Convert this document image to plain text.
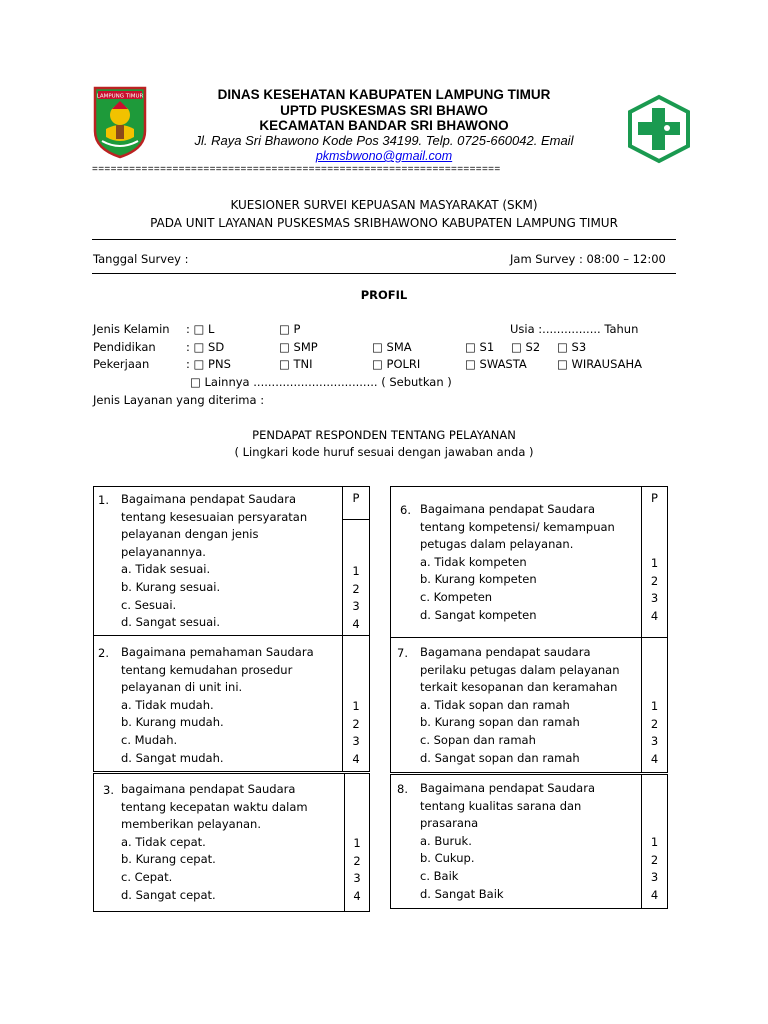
LAMPUNG TIMUR	DINAS KESEHATAN KABUPATEN LAMPUNG TIMUR
UPTD PUSKESMAS SRI BHAWO
KECAMATAN BANDAR SRI BHAWONO
Jl. Raya Sri Bhawono Kode Pos 34199. Telp. 0725-660042. Email
pkmsbwono@gmail.com
==================================================================
KUESIONER SURVEI KEPUASAN MASYARAKAT (SKM)
PADA UNIT LAYANAN PUSKESMAS SRIBHAWONO KABUPATEN LAMPUNG TIMUR
Tanggal Survey :	Jam Survey : 08:00 – 12:00
PROFIL
Jenis Kelamin : □ L	□ P	Usia :................ Tahun
Pendidikan	: □ SD	□ SMP	□ SMA	□ S1 □ S2 □ S3
Pekerjaan	: □ PNS	□ TNI	□ POLRI	□ SWASTA	□ WIRAUSAHA
□ Lainnya .................................. ( Sebutkan )
Jenis Layanan yang diterima :
PENDAPAT RESPONDEN TENTANG PELAYANAN
( Lingkari kode huruf sesuai dengan jawaban anda )
1. Bagaimana pendapat Saudara
tentang kesesuaian persyaratan
pelayanan dengan jenis
pelayanannya.
a. Tidak sesuai.
b. Kurang sesuai.
c. Sesuai.
d. Sangat sesuai.
P
1
2
3
4
2. Bagaimana pemahaman Saudara
tentang kemudahan prosedur
pelayanan di unit ini.
a. Tidak mudah.
b. Kurang mudah.
c. Mudah.
d. Sangat mudah.
1
2
3
4
3. bagaimana pendapat Saudara
tentang kecepatan waktu dalam
memberikan pelayanan.
a. Tidak cepat.
b. Kurang cepat.
c. Cepat.
d. Sangat cepat.
1
2
3
4
6. Bagaimana pendapat Saudara
tentang kompetensi/ kemampuan
petugas dalam pelayanan.
a. Tidak kompeten
b. Kurang kompeten
c. Kompeten
d. Sangat kompeten
P
1
2
3
4
7. Bagamana pendapat saudara
perilaku petugas dalam pelayanan
terkait kesopanan dan keramahan
a. Tidak sopan dan ramah
b. Kurang sopan dan ramah
c. Sopan dan ramah
d. Sangat sopan dan ramah
1
2
3
4
8. Bagaimana pendapat Saudara
tentang kualitas sarana dan
prasarana
a. Buruk.
b. Cukup.
c. Baik
d. Sangat Baik
1
2
3
4
